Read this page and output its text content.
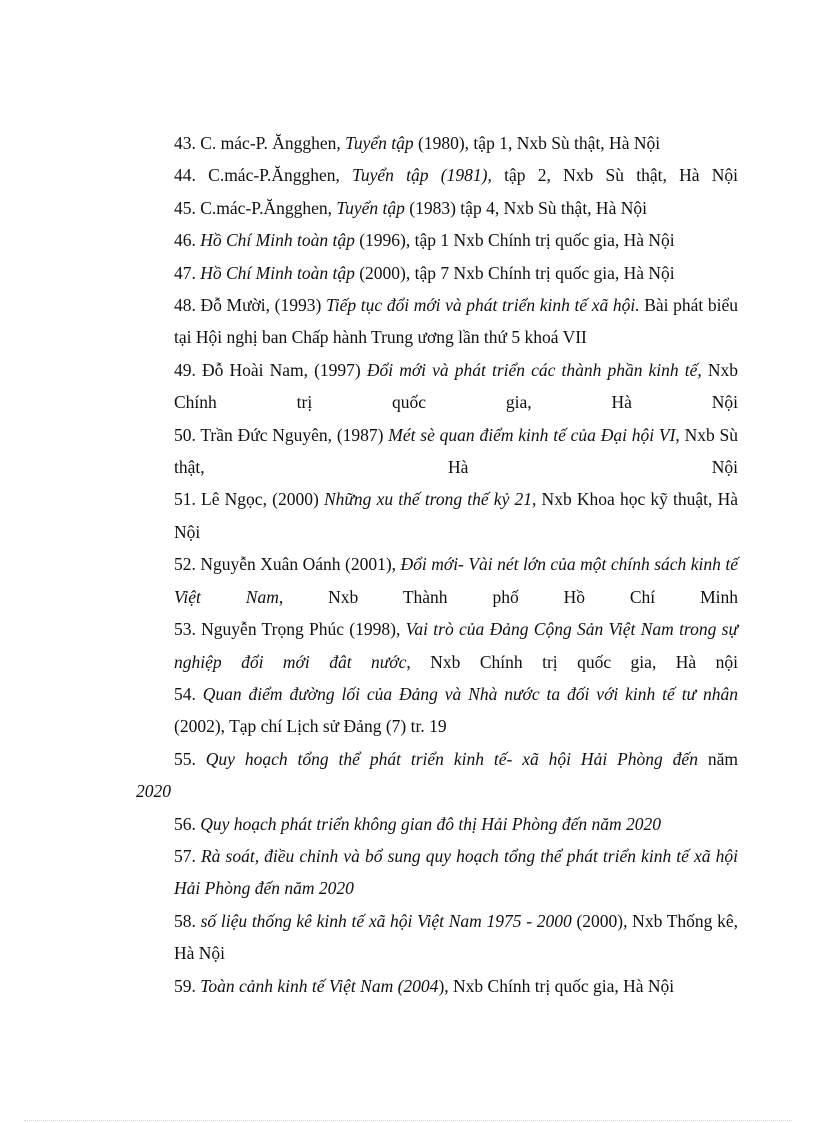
43. C. mác-P. Ăngghen, Tuyển tập (1980), tập 1, Nxb Sù thật, Hà Nội

44. C.mác-P.Ăngghen, Tuyển tập (1981), tập 2, Nxb Sù thật, Hà Nội

45. C.mác-P.Ăngghen, Tuyển tập (1983) tập 4, Nxb Sù thật, Hà Nội

46. Hồ Chí Minh toàn tập (1996), tập 1 Nxb Chính trị quốc gia, Hà Nội

47. Hồ Chí Minh toàn tập (2000), tập 7 Nxb Chính trị quốc gia, Hà Nội

48. Đỗ Mười, (1993) Tiếp tục đổi mới và phát triển kinh tế xã hội. Bài phát biểu tại Hội nghị ban Chấp hành Trung ương lần thứ 5 khoá VII

49. Đỗ Hoài Nam, (1997) Đổi mới và phát triển các thành phần kinh tế, Nxb Chính trị quốc gia, Hà Nội

50. Trần Đức Nguyên, (1987) Mét sè quan điểm kinh tế của Đại hội VI, Nxb Sù thật, Hà Nội

51. Lê Ngọc, (2000) Những xu thế trong thế kỷ 21, Nxb Khoa học kỹ thuật, Hà Nội

52. Nguyễn Xuân Oánh (2001), Đổi mới- Vài nét lớn của một chính sách kinh tế Việt Nam, Nxb Thành phố Hồ Chí Minh

53. Nguyễn Trọng Phúc (1998), Vai trò của Đảng Cộng Sản Việt Nam trong sự nghiệp đổi mới đât nước, Nxb Chính trị quốc gia, Hà nội

54. Quan điểm đường lối của Đảng và Nhà nước ta đối với kinh tế tư nhân (2002), Tạp chí Lịch sử Đảng (7) tr. 19

55. Quy hoạch tổng thể phát triển kinh tế- xã hội Hải Phòng đến năm

2020

56. Quy hoạch phát triển không gian đô thị Hải Phòng đến năm 2020

57. Rà soát, điều chỉnh và bổ sung quy hoạch tổng thể phát triển kinh tế xã hội Hải Phòng đến năm 2020

58. số liệu thống kê kinh tế xã hội Việt Nam 1975 - 2000 (2000), Nxb Thống kê, Hà Nội

59. Toàn cảnh kinh tế Việt Nam (2004), Nxb Chính trị quốc gia, Hà Nội
